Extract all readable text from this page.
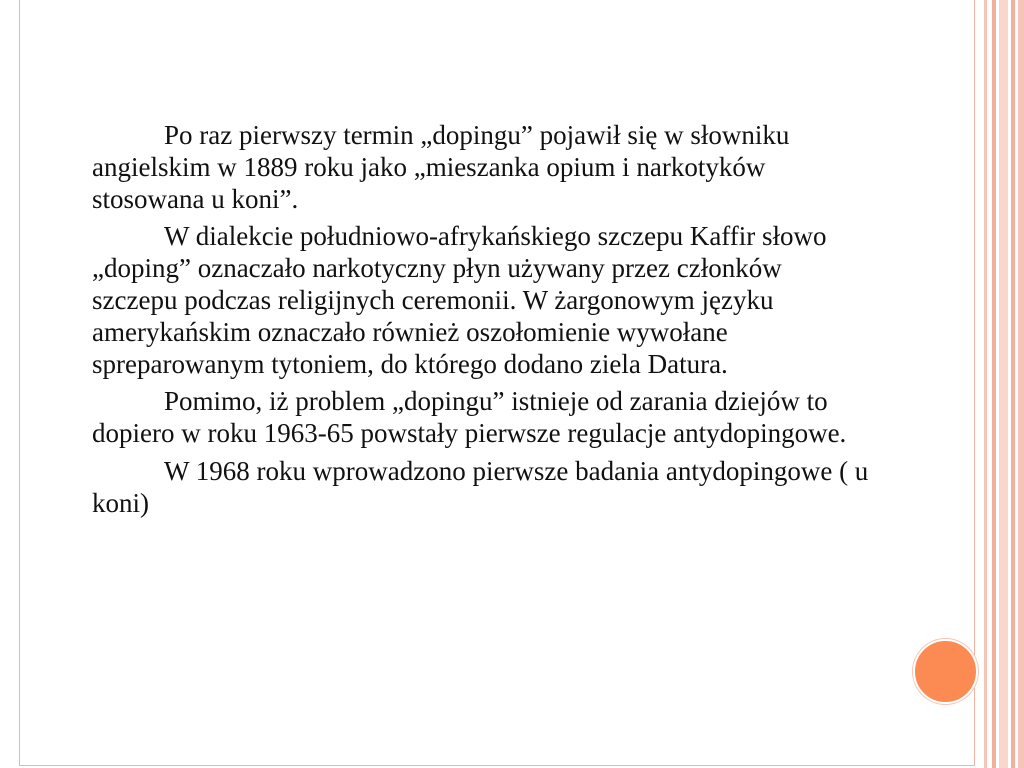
Po raz pierwszy termin „dopingu” pojawił się w słowniku angielskim w 1889 roku jako „mieszanka opium i narkotyków stosowana u koni”.

W dialekcie południowo-afrykańskiego szczepu Kaffir słowo „doping” oznaczało narkotyczny płyn używany przez członków szczepu podczas religijnych ceremonii. W żargonowym języku amerykańskim oznaczało również oszołomienie wywołane spreparowanym tytoniem, do którego dodano ziela Datura.

Pomimo, iż problem „dopingu” istnieje od zarania dziejów to dopiero w roku 1963-65 powstały pierwsze regulacje antydopingowe.

W 1968 roku wprowadzono pierwsze badania antydopingowe ( u koni)
